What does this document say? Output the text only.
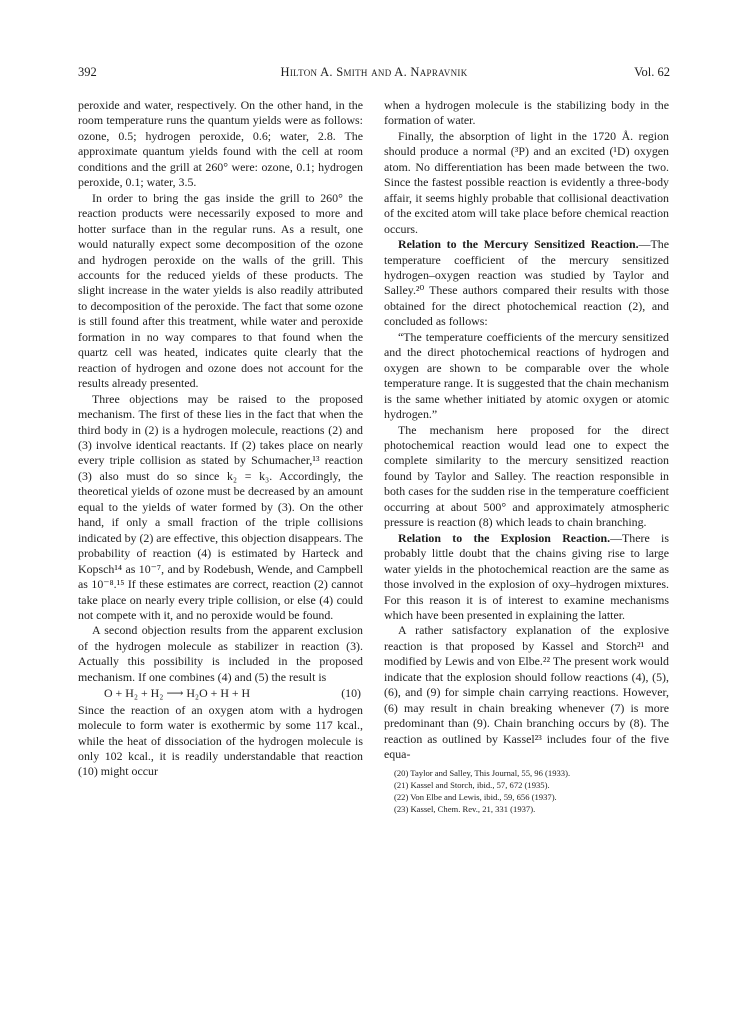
392	Hilton A. Smith and A. Napravnik	Vol. 62

peroxide and water, respectively. On the other hand, in the room temperature runs the quantum yields were as follows: ozone, 0.5; hydrogen peroxide, 0.6; water, 2.8. The approximate quantum yields found with the cell at room conditions and the grill at 260° were: ozone, 0.1; hydrogen peroxide, 0.1; water, 3.5.

In order to bring the gas inside the grill to 260° the reaction products were necessarily exposed to more and hotter surface than in the regular runs. As a result, one would naturally expect some decomposition of the ozone and hydrogen peroxide on the walls of the grill. This accounts for the reduced yields of these products. The slight increase in the water yields is also readily attributed to decomposition of the peroxide. The fact that some ozone is still found after this treatment, while water and peroxide formation in no way compares to that found when the quartz cell was heated, indicates quite clearly that the reaction of hydrogen and ozone does not account for the results already presented.

Three objections may be raised to the proposed mechanism. The first of these lies in the fact that when the third body in (2) is a hydrogen molecule, reactions (2) and (3) involve identical reactants. If (2) takes place on nearly every triple collision as stated by Schumacher,¹³ reaction (3) also must do so since k₂ = k₃. Accordingly, the theoretical yields of ozone must be decreased by an amount equal to the yields of water formed by (3). On the other hand, if only a small fraction of the triple collisions indicated by (2) are effective, this objection disappears. The probability of reaction (4) is estimated by Harteck and Kopsch¹⁴ as 10⁻⁷, and by Rodebush, Wende, and Campbell as 10⁻⁸.¹⁵ If these estimates are correct, reaction (2) cannot take place on nearly every triple collision, or else (4) could not compete with it, and no peroxide would be found.

A second objection results from the apparent exclusion of the hydrogen molecule as stabilizer in reaction (3). Actually this possibility is included in the proposed mechanism. If one combines (4) and (5) the result is

O + H₂ + H₂ ⟶ H₂O + H + H	(10)

Since the reaction of an oxygen atom with a hydrogen molecule to form water is exothermic by some 117 kcal., while the heat of dissociation of the hydrogen molecule is only 102 kcal., it is readily understandable that reaction (10) might occur

when a hydrogen molecule is the stabilizing body in the formation of water.

Finally, the absorption of light in the 1720 Å. region should produce a normal (³P) and an excited (¹D) oxygen atom. No differentiation has been made between the two. Since the fastest possible reaction is evidently a three-body affair, it seems highly probable that collisional deactivation of the excited atom will take place before chemical reaction occurs.

Relation to the Mercury Sensitized Reaction.—The temperature coefficient of the mercury sensitized hydrogen–oxygen reaction was studied by Taylor and Salley.²⁰ These authors compared their results with those obtained for the direct photochemical reaction (2), and concluded as follows:

“The temperature coefficients of the mercury sensitized and the direct photochemical reactions of hydrogen and oxygen are shown to be comparable over the whole temperature range. It is suggested that the chain mechanism is the same whether initiated by atomic oxygen or atomic hydrogen.”

The mechanism here proposed for the direct photochemical reaction would lead one to expect the complete similarity to the mercury sensitized reaction found by Taylor and Salley. The reaction responsible in both cases for the sudden rise in the temperature coefficient occurring at about 500° and approximately atmospheric pressure is reaction (8) which leads to chain branching.

Relation to the Explosion Reaction.—There is probably little doubt that the chains giving rise to large water yields in the photochemical reaction are the same as those involved in the explosion of oxy–hydrogen mixtures. For this reason it is of interest to examine mechanisms which have been presented in explaining the latter.

A rather satisfactory explanation of the explosive reaction is that proposed by Kassel and Storch²¹ and modified by Lewis and von Elbe.²² The present work would indicate that the explosion should follow reactions (4), (5), (6), and (9) for simple chain carrying reactions. However, (6) may result in chain breaking whenever (7) is more predominant than (9). Chain branching occurs by (8). The reaction as outlined by Kassel²³ includes four of the five equa-

(20) Taylor and Salley, This Journal, 55, 96 (1933).
(21) Kassel and Storch, ibid., 57, 672 (1935).
(22) Von Elbe and Lewis, ibid., 59, 656 (1937).
(23) Kassel, Chem. Rev., 21, 331 (1937).
